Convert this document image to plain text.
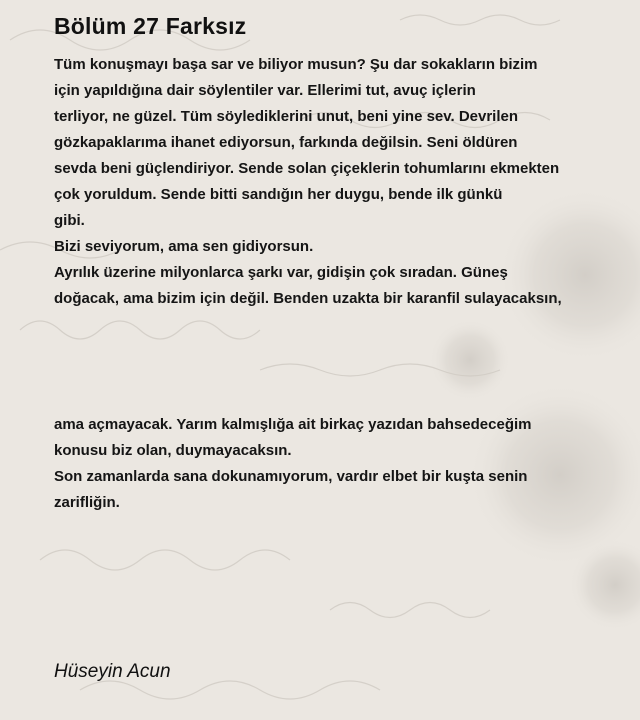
Bölüm 27 Farksız
Tüm konuşmayı başa sar ve biliyor musun? Şu dar sokakların bizim
için yapıldığına dair söylentiler var. Ellerimi tut, avuç içlerin
terliyor, ne güzel. Tüm söylediklerini unut, beni yine sev. Devrilen
gözkapaklarıma ihanet ediyorsun, farkında değilsin. Seni öldüren
sevda beni güçlendiriyor. Sende solan çiçeklerin tohumlarını ekmekten
çok yoruldum. Sende bitti sandığın her duygu, bende ilk günkü
gibi.
Bizi seviyorum, ama sen gidiyorsun.
Ayrılık üzerine milyonlarca şarkı var, gidişin çok sıradan. Güneş
doğacak, ama bizim için değil. Benden uzakta bir karanfil sulayacaksın,
ama açmayacak. Yarım kalmışlığa ait birkaç yazıdan bahsedeceğim
konusu biz olan, duymayacaksın.
Son zamanlarda sana dokunamıyorum, vardır elbet bir kuşta senin
zarifliğin.
Hüseyin Acun
